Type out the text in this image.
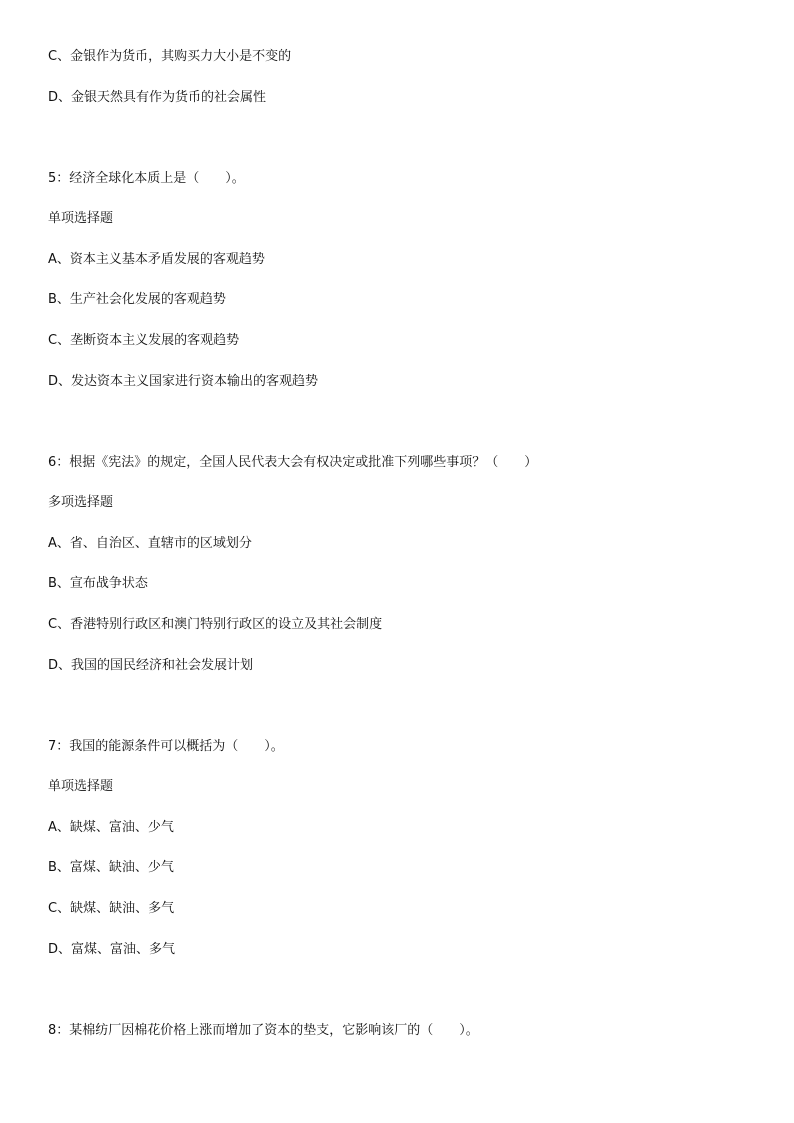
C、金银作为货币，其购买力大小是不变的
D、金银天然具有作为货币的社会属性
5：经济全球化本质上是（　　）。
单项选择题
A、资本主义基本矛盾发展的客观趋势
B、生产社会化发展的客观趋势
C、垄断资本主义发展的客观趋势
D、发达资本主义国家进行资本输出的客观趋势
6：根据《宪法》的规定，全国人民代表大会有权决定或批准下列哪些事项？（　　）
多项选择题
A、省、自治区、直辖市的区域划分
B、宣布战争状态
C、香港特别行政区和澳门特别行政区的设立及其社会制度
D、我国的国民经济和社会发展计划
7：我国的能源条件可以概括为（　　）。
单项选择题
A、缺煤、富油、少气
B、富煤、缺油、少气
C、缺煤、缺油、多气
D、富煤、富油、多气
8：某棉纺厂因棉花价格上涨而增加了资本的垫支，它影响该厂的（　　）。
